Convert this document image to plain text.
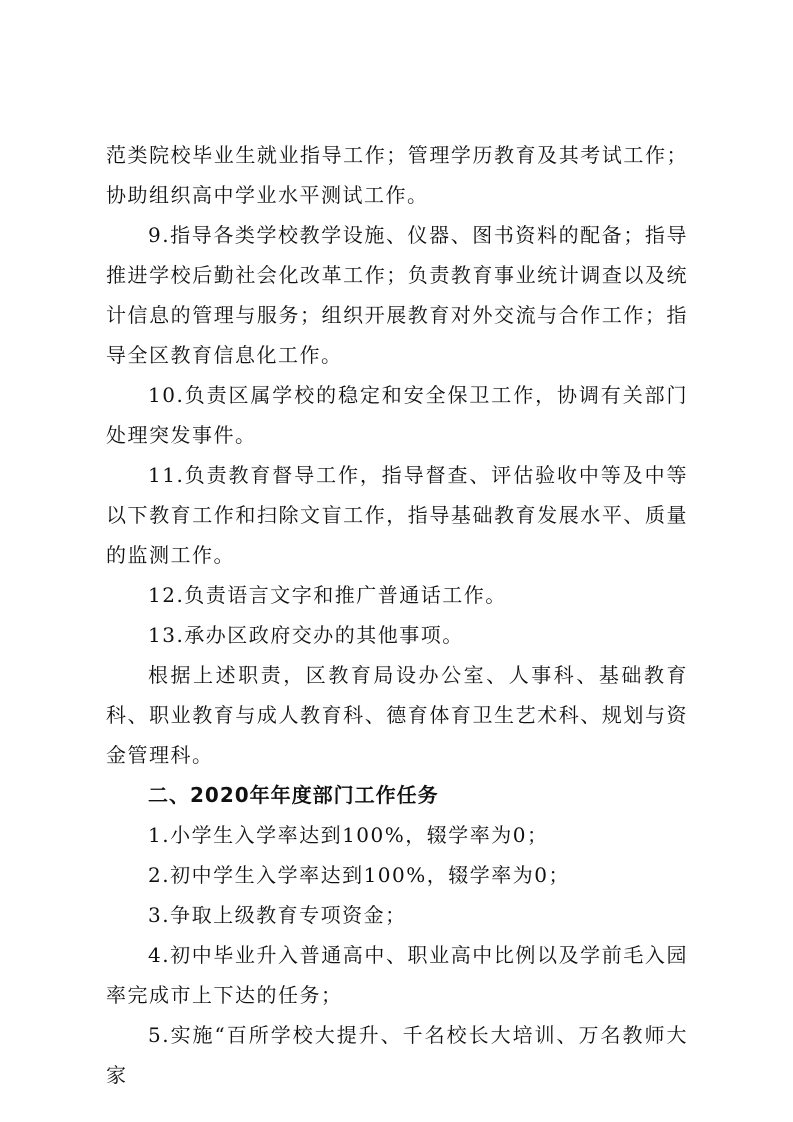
范类院校毕业生就业指导工作；管理学历教育及其考试工作；协助组织高中学业水平测试工作。

9.指导各类学校教学设施、仪器、图书资料的配备；指导推进学校后勤社会化改革工作；负责教育事业统计调查以及统计信息的管理与服务；组织开展教育对外交流与合作工作；指导全区教育信息化工作。

10.负责区属学校的稳定和安全保卫工作，协调有关部门处理突发事件。

11.负责教育督导工作，指导督查、评估验收中等及中等以下教育工作和扫除文盲工作，指导基础教育发展水平、质量的监测工作。

12.负责语言文字和推广普通话工作。

13.承办区政府交办的其他事项。

根据上述职责，区教育局设办公室、人事科、基础教育科、职业教育与成人教育科、德育体育卫生艺术科、规划与资金管理科。

二、2020年年度部门工作任务

1.小学生入学率达到100%，辍学率为0；

2.初中学生入学率达到100%，辍学率为0；

3.争取上级教育专项资金；

4.初中毕业升入普通高中、职业高中比例以及学前毛入园率完成市上下达的任务；

5.实施“百所学校大提升、千名校长大培训、万名教师大家
